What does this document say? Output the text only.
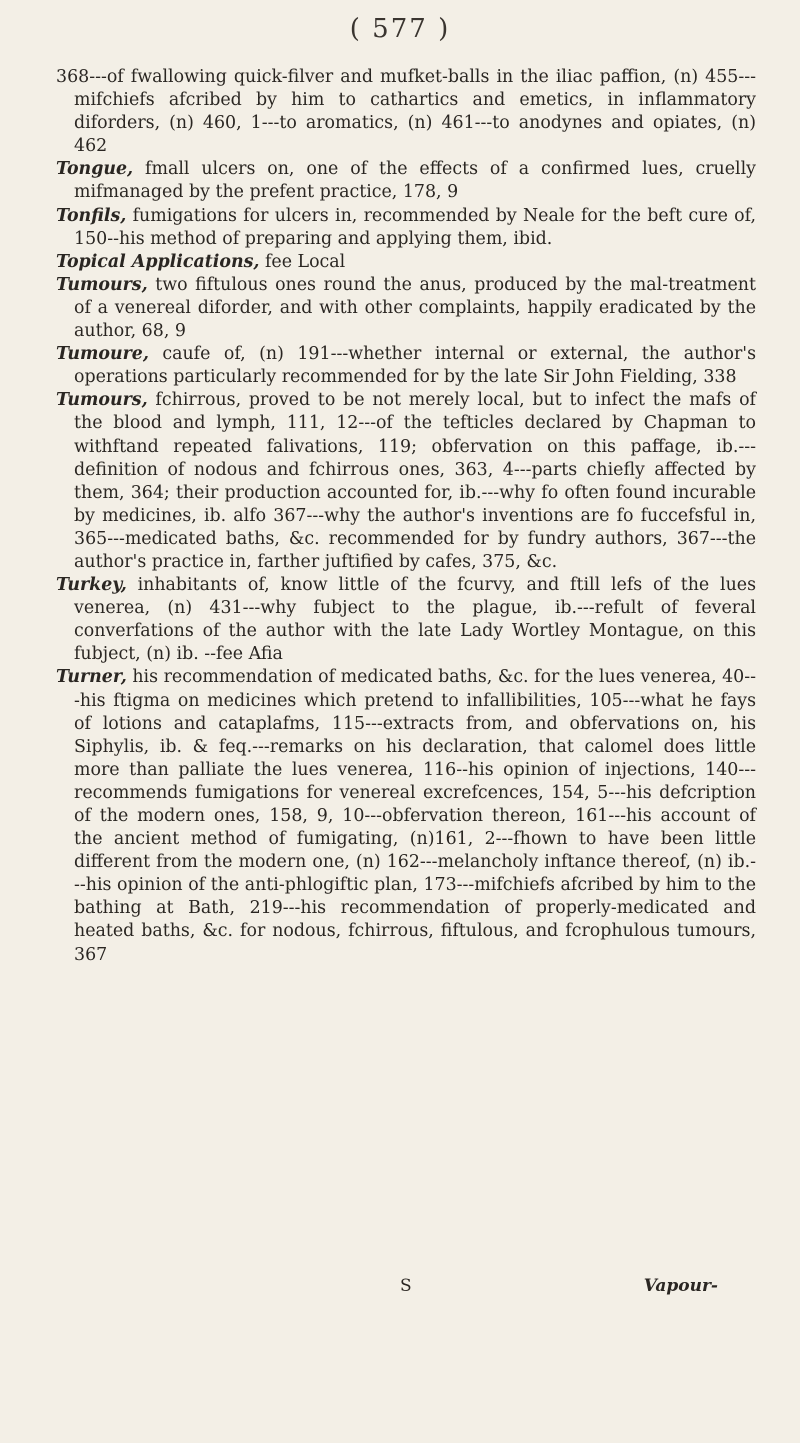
( 577 )

368---of fwallowing quick-filver and mufket-balls in the iliac paffion, (n) 455---mifchiefs afcribed by him to cathartics and emetics, in inflammatory diforders, (n) 460, 1---to aromatics, (n) 461---to anodynes and opiates, (n) 462

Tongue, fmall ulcers on, one of the effects of a confirmed lues, cruelly mifmanaged by the prefent practice, 178, 9

Tonfils, fumigations for ulcers in, recommended by Neale for the beft cure of, 150--his method of preparing and applying them, ibid.

Topical Applications, fee Local

Tumours, two fiftulous ones round the anus, produced by the mal-treatment of a venereal diforder, and with other complaints, happily eradicated by the author, 68, 9

Tumoure, caufe of, (n) 191---whether internal or external, the author's operations particularly recommended for by the late Sir John Fielding, 338

Tumours, fchirrous, proved to be not merely local, but to infect the mafs of the blood and lymph, 111, 12---of the tefticles declared by Chapman to withftand repeated falivations, 119; obfervation on this paffage, ib.---definition of nodous and fchirrous ones, 363, 4---parts chiefly affected by them, 364; their production accounted for, ib.---why fo often found incurable by medicines, ib. alfo 367---why the author's inventions are fo fuccefsful in, 365---medicated baths, &c. recommended for by fundry authors, 367---the author's practice in, farther juftified by cafes, 375, &c.

Turkey, inhabitants of, know little of the fcurvy, and ftill lefs of the lues venerea, (n) 431---why fubject to the plague, ib.---refult of feveral converfations of the author with the late Lady Wortley Montague, on this fubject, (n) ib. --fee Afia

Turner, his recommendation of medicated baths, &c. for the lues venerea, 40---his ftigma on medicines which pretend to infallibilities, 105---what he fays of lotions and cataplafms, 115---extracts from, and obfervations on, his Siphylis, ib. & feq.---remarks on his declaration, that calomel does little more than palliate the lues venerea, 116--his opinion of injections, 140---recommends fumigations for venereal excrefcences, 154, 5---his defcription of the modern ones, 158, 9, 10---obfervation thereon, 161---his account of the ancient method of fumigating, (n)161, 2---fhown to have been little different from the modern one, (n) 162---melancholy inftance thereof, (n) ib.---his opinion of the anti-phlogiftic plan, 173---mifchiefs afcribed by him to the bathing at Bath, 219---his recommendation of properly-medicated and heated baths, &c. for nodous, fchirrous, fiftulous, and fcrophulous tumours, 367

S	Vapour-
